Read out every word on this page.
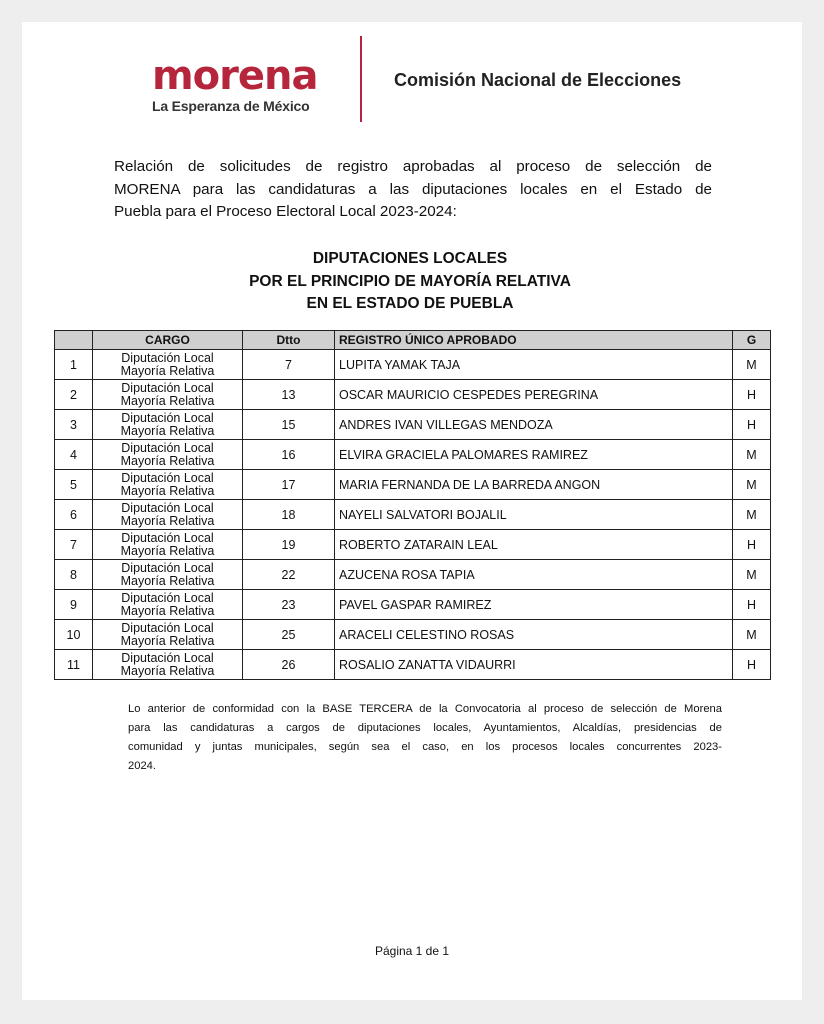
morena
La Esperanza de México
Comisión Nacional de Elecciones
Relación de solicitudes de registro aprobadas al proceso de selección de
MORENA para las candidaturas a las diputaciones locales en el Estado de
Puebla para el Proceso Electoral Local 2023-2024:
DIPUTACIONES LOCALES
POR EL PRINCIPIO DE MAYORÍA RELATIVA
EN EL ESTADO DE PUEBLA
	CARGO	Dtto	REGISTRO ÚNICO APROBADO	G
1	Diputación Local
Mayoría Relativa	7	LUPITA YAMAK TAJA	M
2	Diputación Local
Mayoría Relativa	13	OSCAR MAURICIO CESPEDES PEREGRINA	H
3	Diputación Local
Mayoría Relativa	15	ANDRES IVAN VILLEGAS MENDOZA	H
4	Diputación Local
Mayoría Relativa	16	ELVIRA GRACIELA PALOMARES RAMIREZ	M
5	Diputación Local
Mayoría Relativa	17	MARIA FERNANDA DE LA BARREDA ANGON	M
6	Diputación Local
Mayoría Relativa	18	NAYELI SALVATORI BOJALIL	M
7	Diputación Local
Mayoría Relativa	19	ROBERTO ZATARAIN LEAL	H
8	Diputación Local
Mayoría Relativa	22	AZUCENA ROSA TAPIA	M
9	Diputación Local
Mayoría Relativa	23	PAVEL GASPAR RAMIREZ	H
10	Diputación Local
Mayoría Relativa	25	ARACELI CELESTINO ROSAS	M
11	Diputación Local
Mayoría Relativa	26	ROSALIO ZANATTA VIDAURRI	H
Lo anterior de conformidad con la BASE TERCERA de la Convocatoria al proceso de selección de Morena
para las candidaturas a cargos de diputaciones locales, Ayuntamientos, Alcaldías, presidencias de
comunidad y juntas municipales, según sea el caso, en los procesos locales concurrentes 2023-
2024.
Página 1 de 1
